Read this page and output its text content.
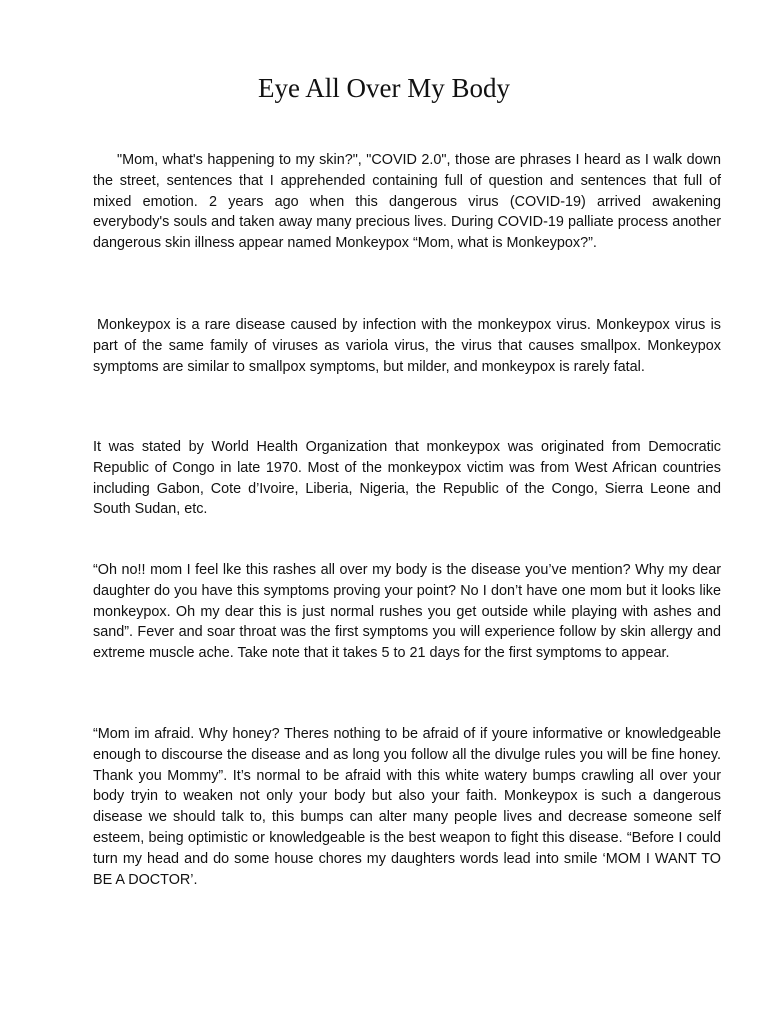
Eye All Over My Body

"Mom, what's happening to my skin?", "COVID 2.0", those are phrases I heard as I walk down the street, sentences that I apprehended containing full of question and sentences that full of mixed emotion. 2 years ago when this dangerous virus (COVID-19) arrived awakening everybody's souls and taken away many precious lives. During COVID-19 palliate process another dangerous skin illness appear named Monkeypox “Mom, what is Monkeypox?”.

Monkeypox is a rare disease caused by infection with the monkeypox virus. Monkeypox virus is part of the same family of viruses as variola virus, the virus that causes smallpox. Monkeypox symptoms are similar to smallpox symptoms, but milder, and monkeypox is rarely fatal.

It was stated by World Health Organization that monkeypox was originated from Democratic Republic of Congo in late 1970. Most of the monkeypox victim was from West African countries including Gabon, Cote d’Ivoire, Liberia, Nigeria, the Republic of the Congo, Sierra Leone and South Sudan, etc.

“Oh no!! mom I feel lke this rashes all over my body is the disease you’ve mention? Why my dear daughter do you have this symptoms proving your point? No I don’t have one mom but it looks like monkeypox. Oh my dear this is just normal rushes you get outside while playing with ashes and sand”. Fever and soar throat was the first symptoms you will experience follow by skin allergy and extreme muscle ache. Take note that it takes 5 to 21 days for the first symptoms to appear.

“Mom im afraid. Why honey? Theres nothing to be afraid of if youre informative or knowledgeable enough to discourse the disease and as long you follow all the divulge rules you will be fine honey. Thank you Mommy”. It’s normal to be afraid with this white watery bumps crawling all over your body tryin to weaken not only your body but also your faith. Monkeypox is such a dangerous disease we should talk to, this bumps can alter many people lives and decrease someone self esteem, being optimistic or knowledgeable is the best weapon to fight this disease. “Before I could turn my head and do some house chores my daughters words lead into smile ‘MOM I WANT TO BE A DOCTOR’.
